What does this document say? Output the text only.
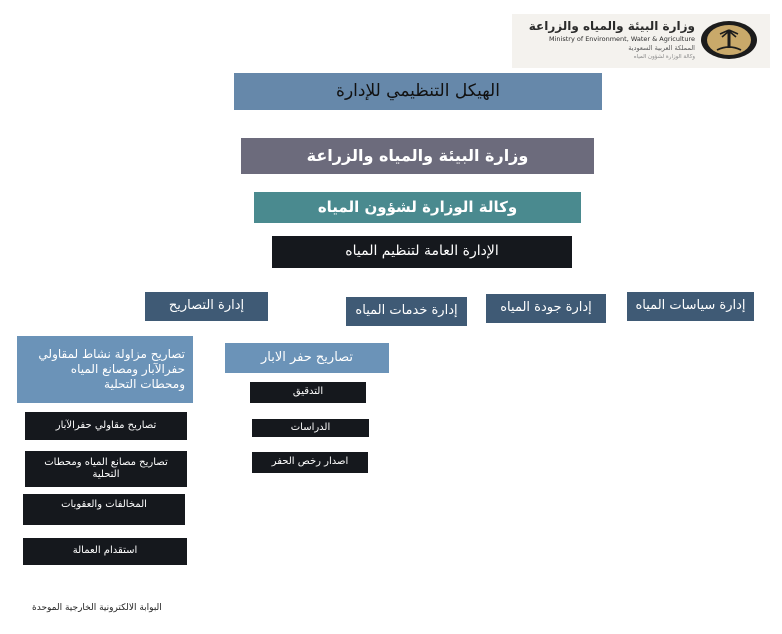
وزارة البيئة والمياه والزراعة
Ministry of Environment, Water & Agriculture
المملكة العربية السعودية
وكالة الوزارة لشؤون المياه
الهيكل التنظيمي للإدارة
وزارة البيئة والمياه والزراعة
وكالة الوزارة لشؤون المياه
الإدارة العامة لتنظيم المياه
إدارة التصاريح	إدارة خدمات المياه	إدارة جودة المياه	إدارة سياسات المياه
تصاريح مزاولة نشاط لمقاولي حفرالآبار ومصانع المياه ومحطات التحلية
تصاريح حفر الابار
تصاريح مقاولي حفرالآبار
تصاريح مصانع المياه ومحطات التحلية
المخالفات والعقوبات
استقدام العمالة
التدقيق
الدراسات
اصدار رخص الحفر
البوابة الالكترونية الخارجية الموحدة
